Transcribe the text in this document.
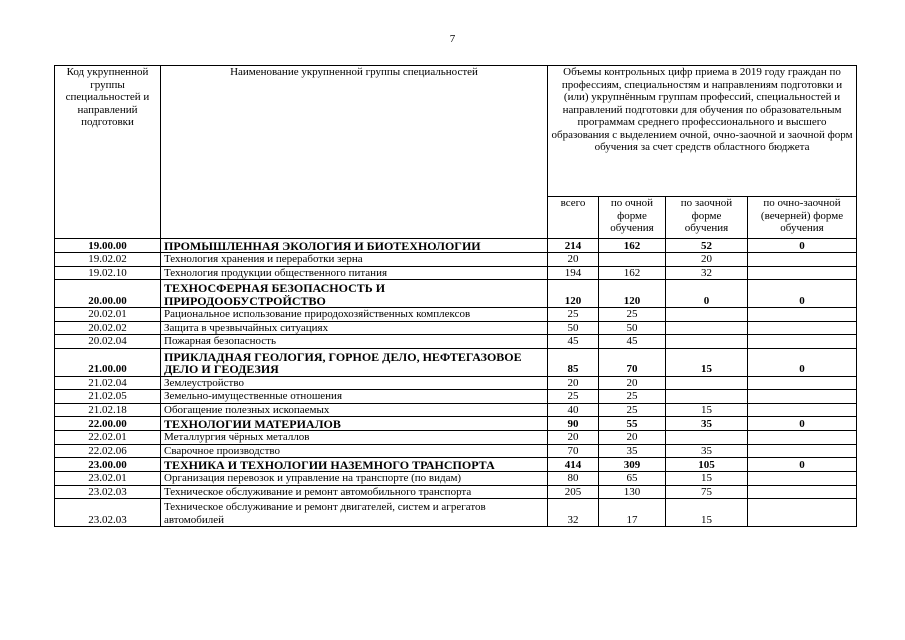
7
Код укрупненной группы специальностей и направлений подготовки	Наименование укрупненной группы специальностей	Объемы контрольных цифр приема в 2019 году граждан по профессиям, специальностям и направлениям подготовки и (или) укрупнённым группам профессий, специальностей и направлений подготовки для обучения по образовательным программам среднего профессионального и высшего образования с выделением очной, очно-заочной и заочной форм обучения за счет средств областного бюджета			
		всего	по очной форме обучения	по заочной форме обучения	по очно-заочной (вечерней) форме обучения
19.00.00	ПРОМЫШЛЕННАЯ ЭКОЛОГИЯ И БИОТЕХНОЛОГИИ	214	162	52	0
19.02.02	Технология хранения и переработки зерна	20		20	
19.02.10	Технология продукции общественного питания	194	162	32	
20.00.00	ТЕХНОСФЕРНАЯ БЕЗОПАСНОСТЬ И ПРИРОДООБУСТРОЙСТВО	120	120	0	0
20.02.01	Рациональное использование природохозяйственных комплексов	25	25		
20.02.02	Защита в чрезвычайных ситуациях	50	50		
20.02.04	Пожарная безопасность	45	45		
21.00.00	ПРИКЛАДНАЯ ГЕОЛОГИЯ, ГОРНОЕ ДЕЛО, НЕФТЕГАЗОВОЕ ДЕЛО И ГЕОДЕЗИЯ	85	70	15	0
21.02.04	Землеустройство	20	20		
21.02.05	Земельно-имущественные отношения	25	25		
21.02.18	Обогащение полезных ископаемых	40	25	15	
22.00.00	ТЕХНОЛОГИИ МАТЕРИАЛОВ	90	55	35	0
22.02.01	Металлургия чёрных металлов	20	20		
22.02.06	Сварочное производство	70	35	35	
23.00.00	ТЕХНИКА И ТЕХНОЛОГИИ НАЗЕМНОГО ТРАНСПОРТА	414	309	105	0
23.02.01	Организация перевозок и управление на транспорте (по видам)	80	65	15	
23.02.03	Техническое обслуживание и ремонт автомобильного транспорта	205	130	75	
23.02.03	Техническое обслуживание и ремонт двигателей, систем и агрегатов автомобилей	32	17	15	
